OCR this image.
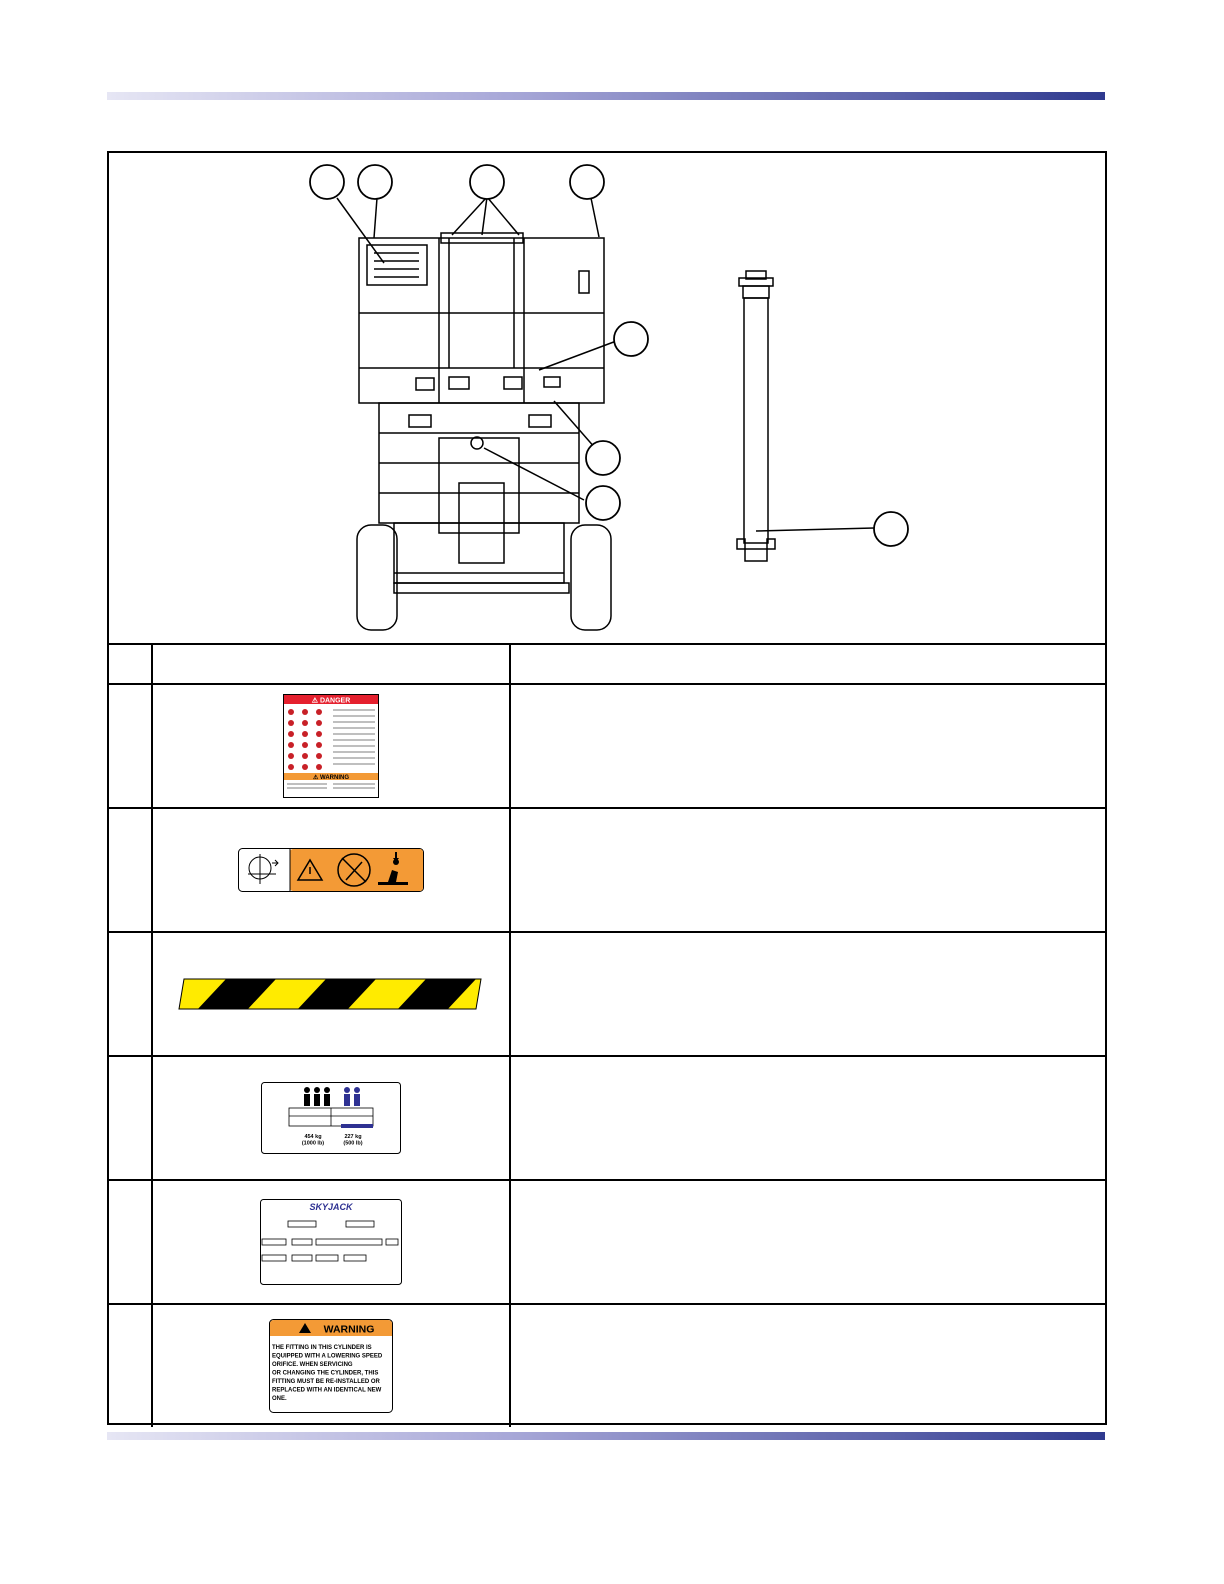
⚠ DANGER
⚠ WARNING
454 kg (1000 lb)
227 kg (500 lb)
SKYJACK
WARNING
THE FITTING IN THIS CYLINDER IS
EQUIPPED WITH A LOWERING SPEED
ORIFICE. WHEN SERVICING
OR CHANGING THE CYLINDER, THIS
FITTING MUST BE RE-INSTALLED OR
REPLACED WITH AN IDENTICAL NEW
ONE.
